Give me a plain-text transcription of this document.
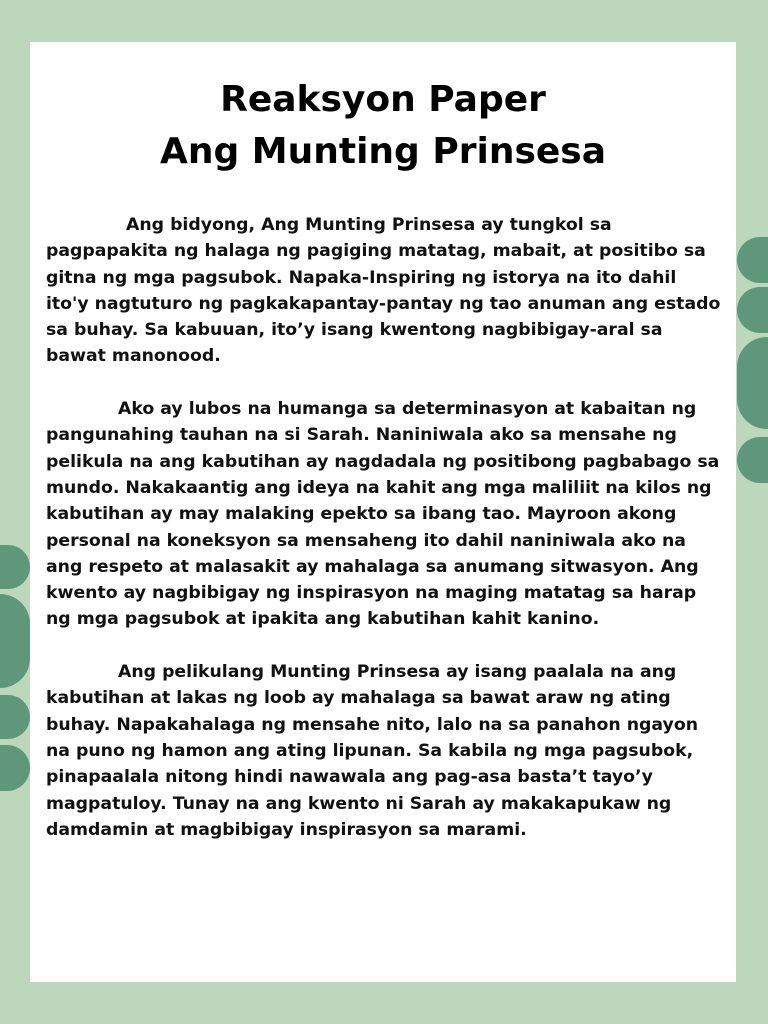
Reaksyon Paper
Ang Munting Prinsesa

Ang bidyong, Ang Munting Prinsesa ay tungkol sa pagpapakita ng halaga ng pagiging matatag, mabait, at positibo sa gitna ng mga pagsubok. Napaka-Inspiring ng istorya na ito dahil ito'y nagtuturo ng pagkakapantay-pantay ng tao anuman ang estado sa buhay. Sa kabuuan, ito’y isang kwentong nagbibigay-aral sa bawat manonood.

Ako ay lubos na humanga sa determinasyon at kabaitan ng pangunahing tauhan na si Sarah. Naniniwala ako sa mensahe ng pelikula na ang kabutihan ay nagdadala ng positibong pagbabago sa mundo. Nakakaantig ang ideya na kahit ang mga maliliit na kilos ng kabutihan ay may malaking epekto sa ibang tao. Mayroon akong personal na koneksyon sa mensaheng ito dahil naniniwala ako na ang respeto at malasakit ay mahalaga sa anumang sitwasyon. Ang kwento ay nagbibigay ng inspirasyon na maging matatag sa harap ng mga pagsubok at ipakita ang kabutihan kahit kanino.

Ang pelikulang Munting Prinsesa ay isang paalala na ang kabutihan at lakas ng loob ay mahalaga sa bawat araw ng ating buhay. Napakahalaga ng mensahe nito, lalo na sa panahon ngayon na puno ng hamon ang ating lipunan. Sa kabila ng mga pagsubok, pinapaalala nitong hindi nawawala ang pag-asa basta’t tayo’y magpatuloy. Tunay na ang kwento ni Sarah ay makakapukaw ng damdamin at magbibigay inspirasyon sa marami.
